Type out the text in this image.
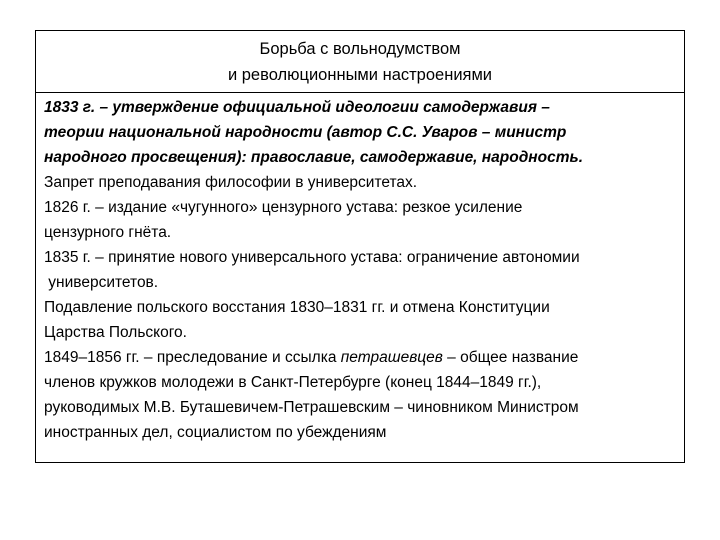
Борьба с вольнодумством
и революционными настроениями
1833 г. – утверждение официальной идеологии самодержавия –
теории национальной народности (автор С.С. Уваров – министр
народного просвещения): православие, самодержавие, народность.
Запрет преподавания философии в университетах.
1826 г. – издание «чугунного» цензурного устава: резкое усиление
цензурного гнёта.
1835 г. – принятие нового универсального устава: ограничение автономии
университетов.
Подавление польского восстания 1830–1831 гг. и отмена Конституции
Царства Польского.
1849–1856 гг. – преследование и ссылка петрашевцев – общее название
членов кружков молодежи в Санкт-Петербурге (конец 1844–1849 гг.),
руководимых М.В. Буташевичем-Петрашевским – чиновником Министром
иностранных дел, социалистом по убеждениям
